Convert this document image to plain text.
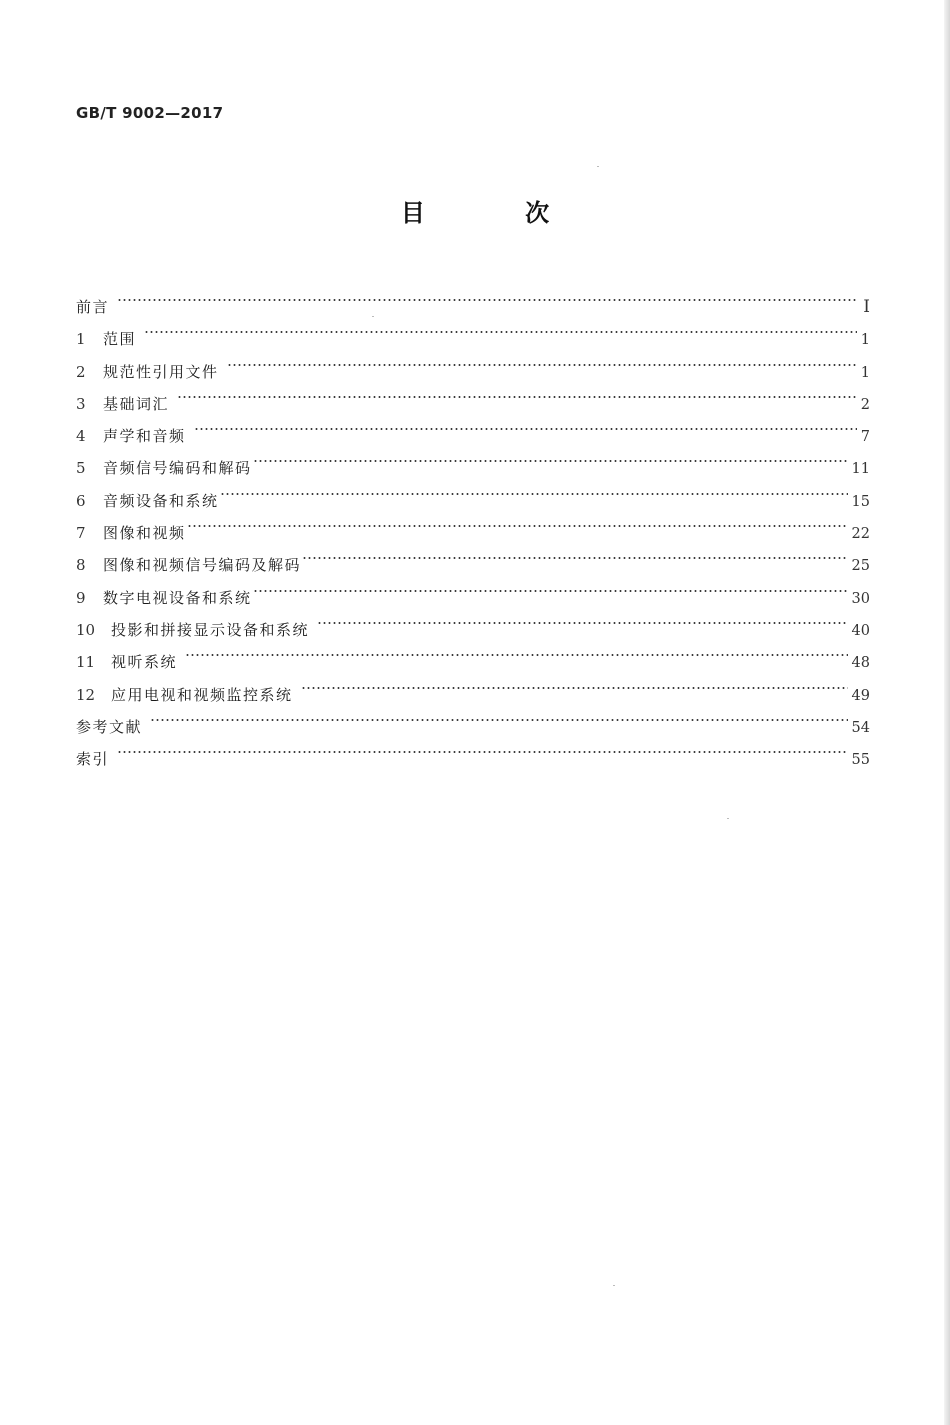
GB/T 9002—2017
目 次
前言	Ⅰ
1	范围	1
2	规范性引用文件	1
3	基础词汇	2
4	声学和音频	7
5	音频信号编码和解码	11
6	音频设备和系统	15
7	图像和视频	22
8	图像和视频信号编码及解码	25
9	数字电视设备和系统	30
10	投影和拼接显示设备和系统	40
11	视听系统	48
12	应用电视和视频监控系统	49
参考文献	54
索引	55
